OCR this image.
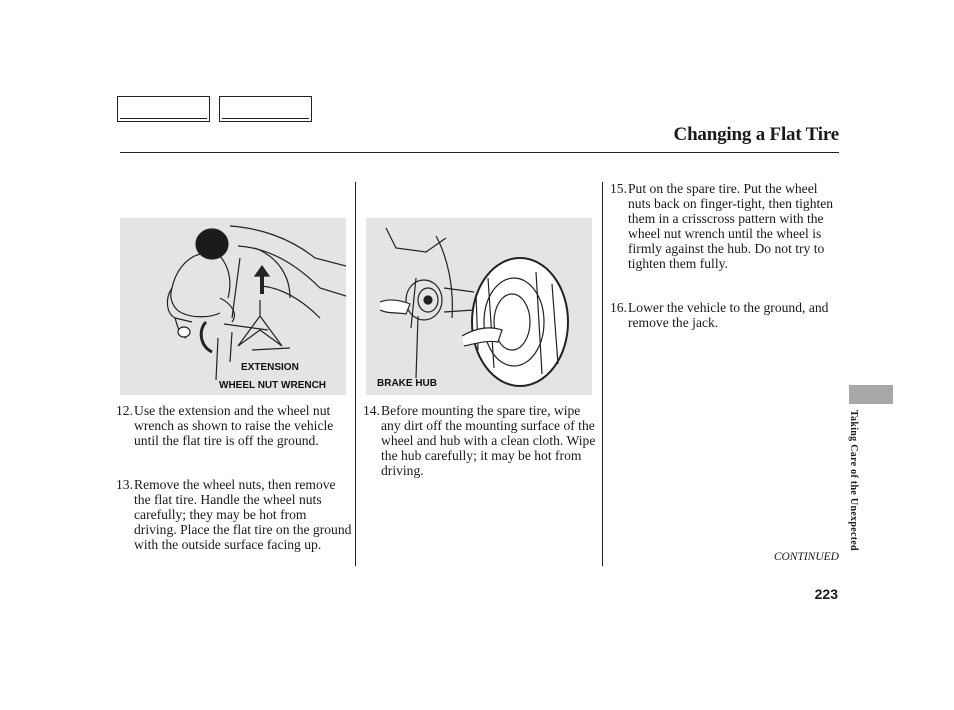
Changing a Flat Tire
EXTENSION
WHEEL NUT WRENCH	BRAKE HUB
12. Use the extension and the wheel nut wrench as shown to raise the vehicle until the flat tire is off the ground.
13. Remove the wheel nuts, then remove the flat tire. Handle the wheel nuts carefully; they may be hot from driving. Place the flat tire on the ground with the outside surface facing up.
14. Before mounting the spare tire, wipe any dirt off the mounting surface of the wheel and hub with a clean cloth. Wipe the hub carefully; it may be hot from driving.
15. Put on the spare tire. Put the wheel nuts back on finger-tight, then tighten them in a crisscross pattern with the wheel nut wrench until the wheel is firmly against the hub. Do not try to tighten them fully.
16. Lower the vehicle to the ground, and remove the jack.
Taking Care of the Unexpected
CONTINUED
223
